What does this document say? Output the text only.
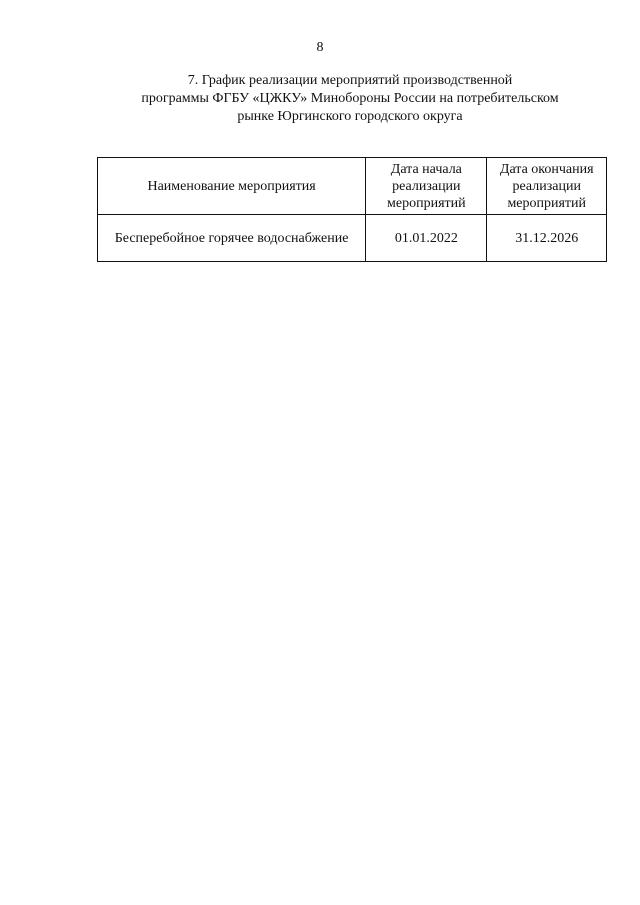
8
7. График реализации мероприятий производственной
программы ФГБУ «ЦЖКУ» Минобороны России на потребительском
рынке Юргинского городского округа
Наименование мероприятия	Дата начала реализации мероприятий	Дата окончания реализации мероприятий
Бесперебойное горячее водоснабжение	01.01.2022	31.12.2026
